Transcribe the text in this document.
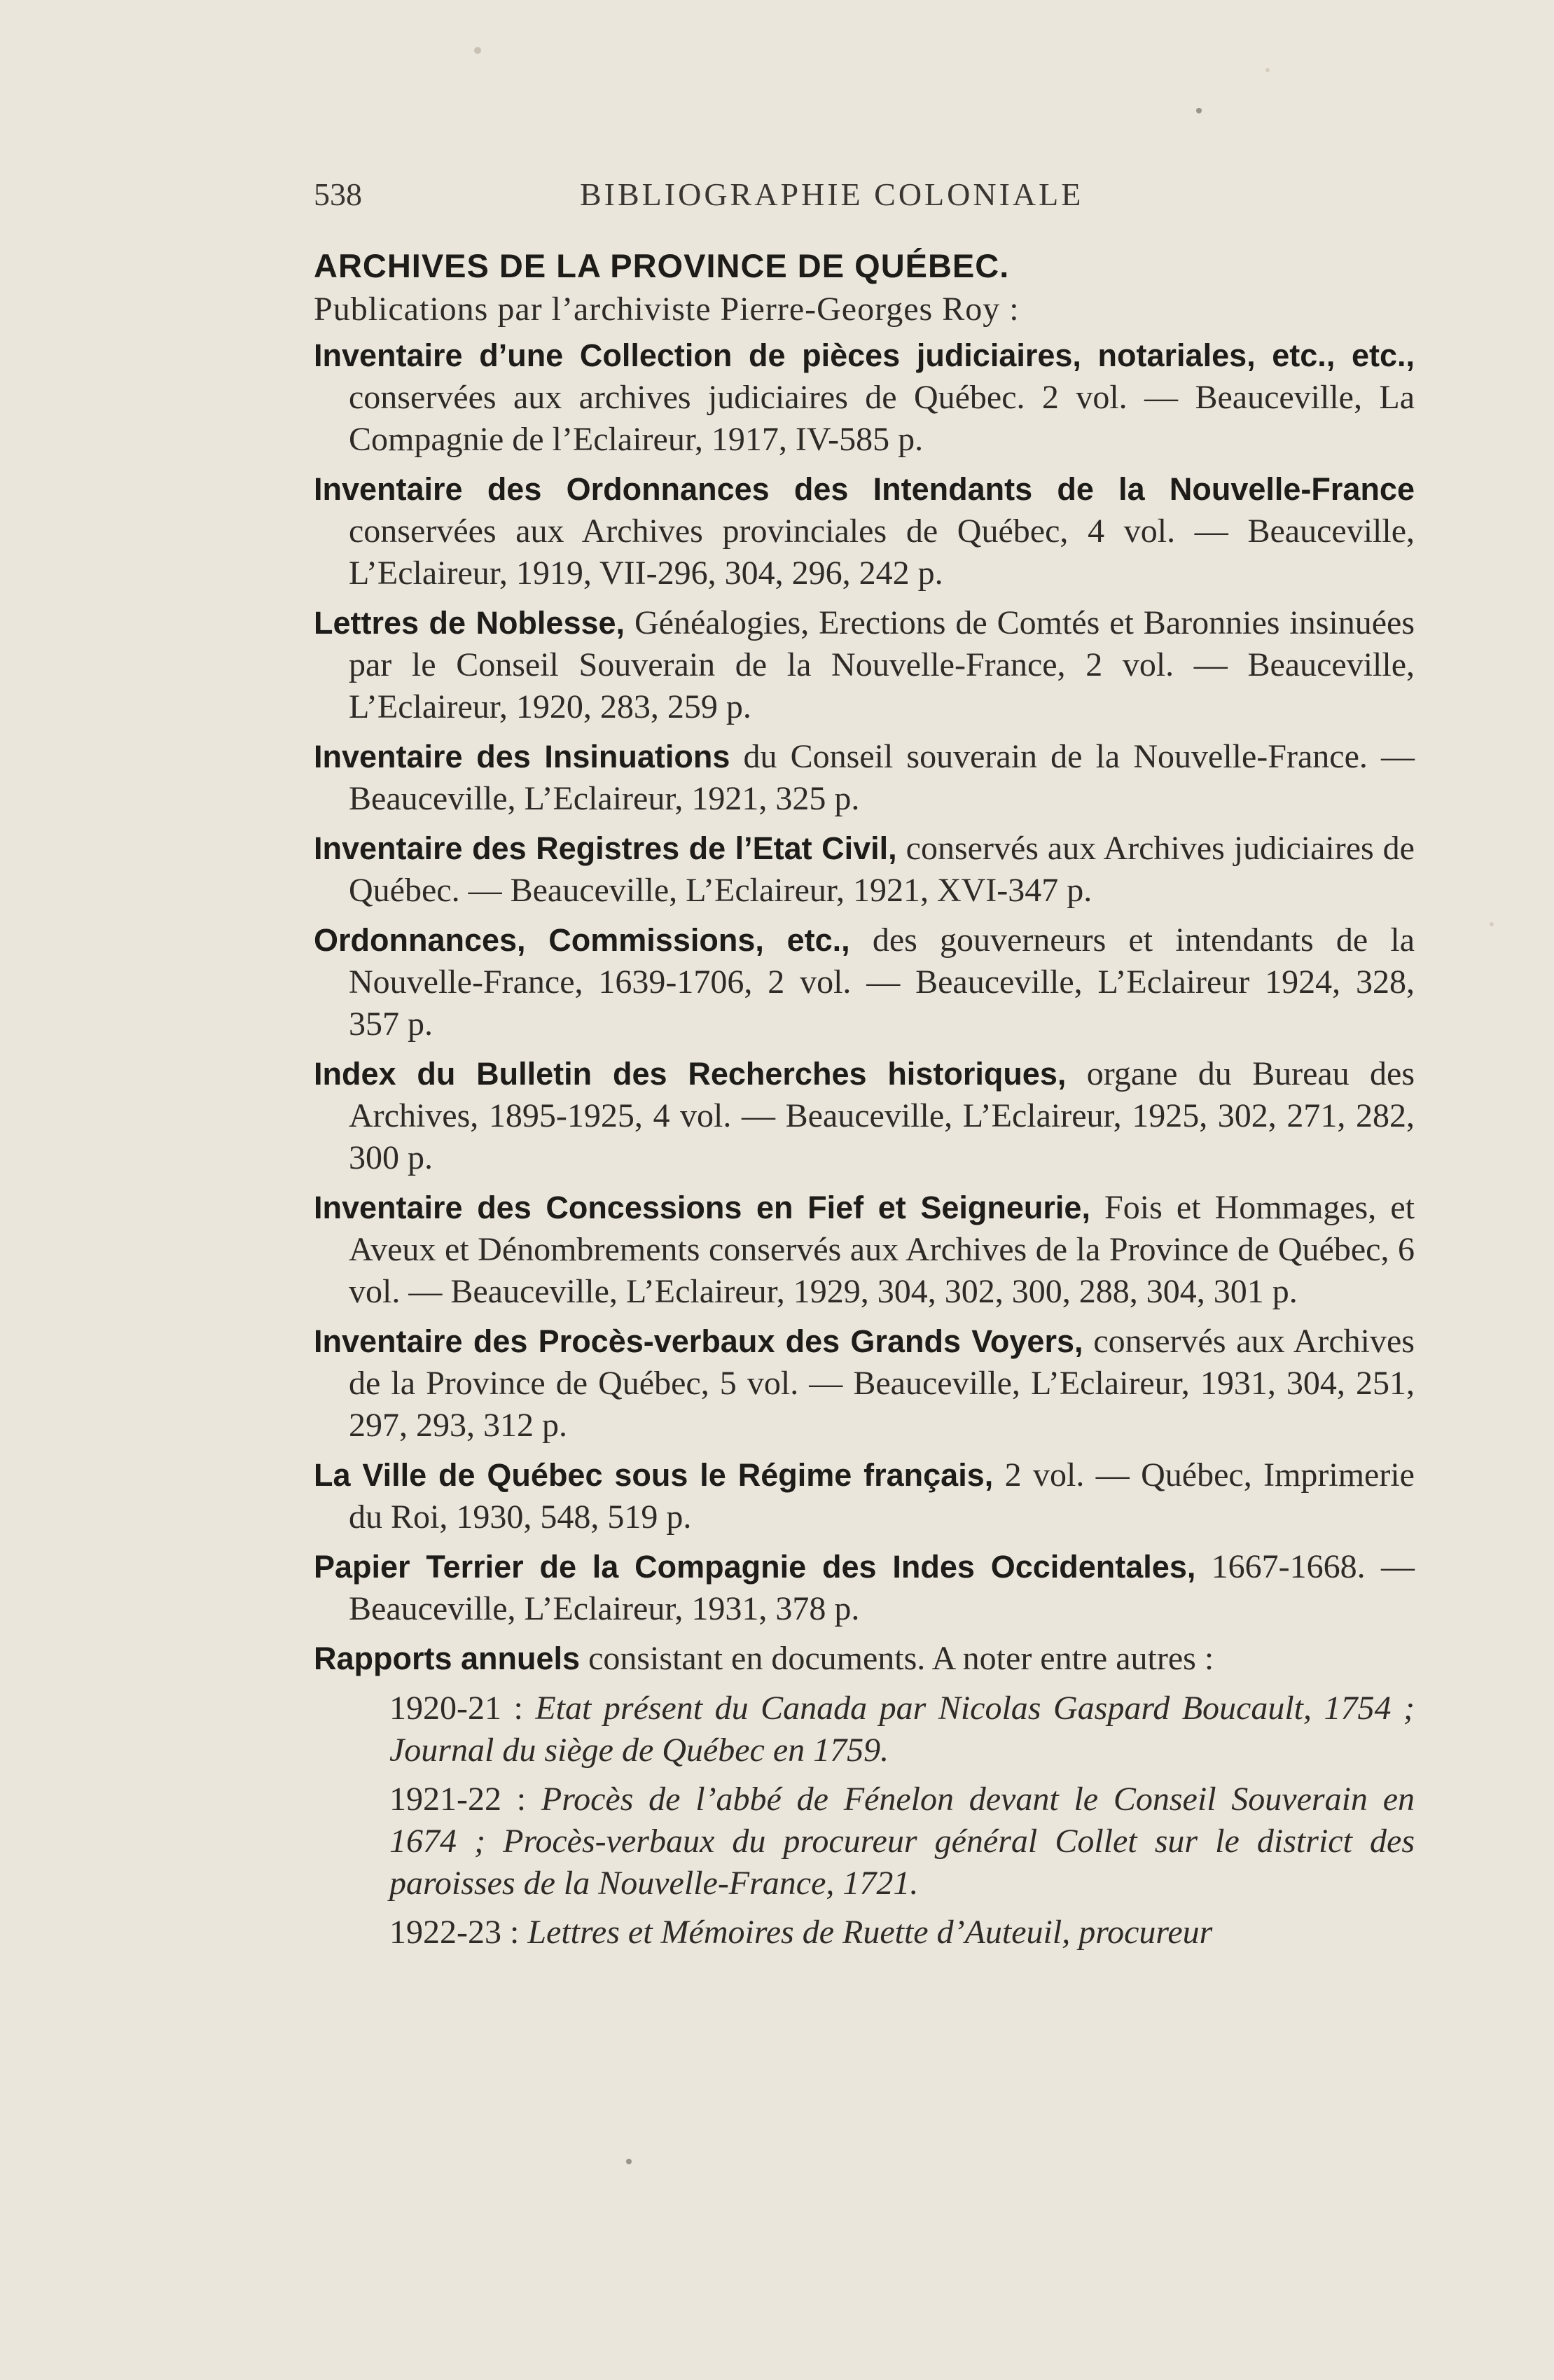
538	BIBLIOGRAPHIE COLONIALE
ARCHIVES DE LA PROVINCE DE QUÉBEC.
Publications par l’archiviste Pierre-Georges Roy :

Inventaire d’une Collection de pièces judiciaires, notariales, etc., etc., conservées aux archives judiciaires de Québec. 2 vol. — Beauceville, La Compagnie de l’Eclaireur, 1917, IV-585 p.

Inventaire des Ordonnances des Intendants de la Nouvelle-France conservées aux Archives provinciales de Québec, 4 vol. — Beauceville, L’Eclaireur, 1919, VII-296, 304, 296, 242 p.

Lettres de Noblesse, Généalogies, Erections de Comtés et Baronnies insinuées par le Conseil Souverain de la Nouvelle-France, 2 vol. — Beauceville, L’Eclaireur, 1920, 283, 259 p.

Inventaire des Insinuations du Conseil souverain de la Nouvelle-France. — Beauceville, L’Eclaireur, 1921, 325 p.

Inventaire des Registres de l’Etat Civil, conservés aux Archives judiciaires de Québec. — Beauceville, L’Eclaireur, 1921, XVI-347 p.

Ordonnances, Commissions, etc., des gouverneurs et intendants de la Nouvelle-France, 1639-1706, 2 vol. — Beauceville, L’Eclaireur 1924, 328, 357 p.

Index du Bulletin des Recherches historiques, organe du Bureau des Archives, 1895-1925, 4 vol. — Beauceville, L’Eclaireur, 1925, 302, 271, 282, 300 p.

Inventaire des Concessions en Fief et Seigneurie, Fois et Hommages, et Aveux et Dénombrements conservés aux Archives de la Province de Québec, 6 vol. — Beauceville, L’Eclaireur, 1929, 304, 302, 300, 288, 304, 301 p.

Inventaire des Procès-verbaux des Grands Voyers, conservés aux Archives de la Province de Québec, 5 vol. — Beauceville, L’Eclaireur, 1931, 304, 251, 297, 293, 312 p.

La Ville de Québec sous le Régime français, 2 vol. — Québec, Imprimerie du Roi, 1930, 548, 519 p.

Papier Terrier de la Compagnie des Indes Occidentales, 1667-1668. — Beauceville, L’Eclaireur, 1931, 378 p.

Rapports annuels consistant en documents. A noter entre autres :

1920-21 : Etat présent du Canada par Nicolas Gaspard Boucault, 1754 ; Journal du siège de Québec en 1759.

1921-22 : Procès de l’abbé de Fénelon devant le Conseil Souverain en 1674 ; Procès-verbaux du procureur général Collet sur le district des paroisses de la Nouvelle-France, 1721.

1922-23 : Lettres et Mémoires de Ruette d’Auteuil, procureur
